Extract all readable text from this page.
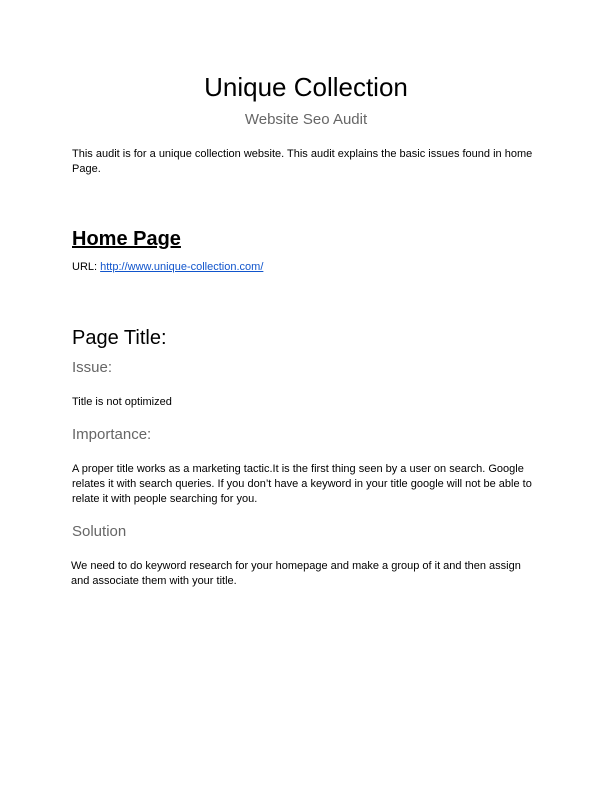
Unique Collection
Website Seo Audit
This audit is for a unique collection website. This audit explains the basic issues found in home Page.
Home Page
URL: http://www.unique-collection.com/
Page Title:
Issue:
Title is not optimized
Importance:
A proper title works as a marketing tactic.It is the first thing seen by a user on search. Google relates it with search queries. If you don’t have a keyword in your title google will not be able to relate it with people searching for you.
Solution
We need to do keyword research for your homepage and make a group of it and then assign and associate them with your title.
